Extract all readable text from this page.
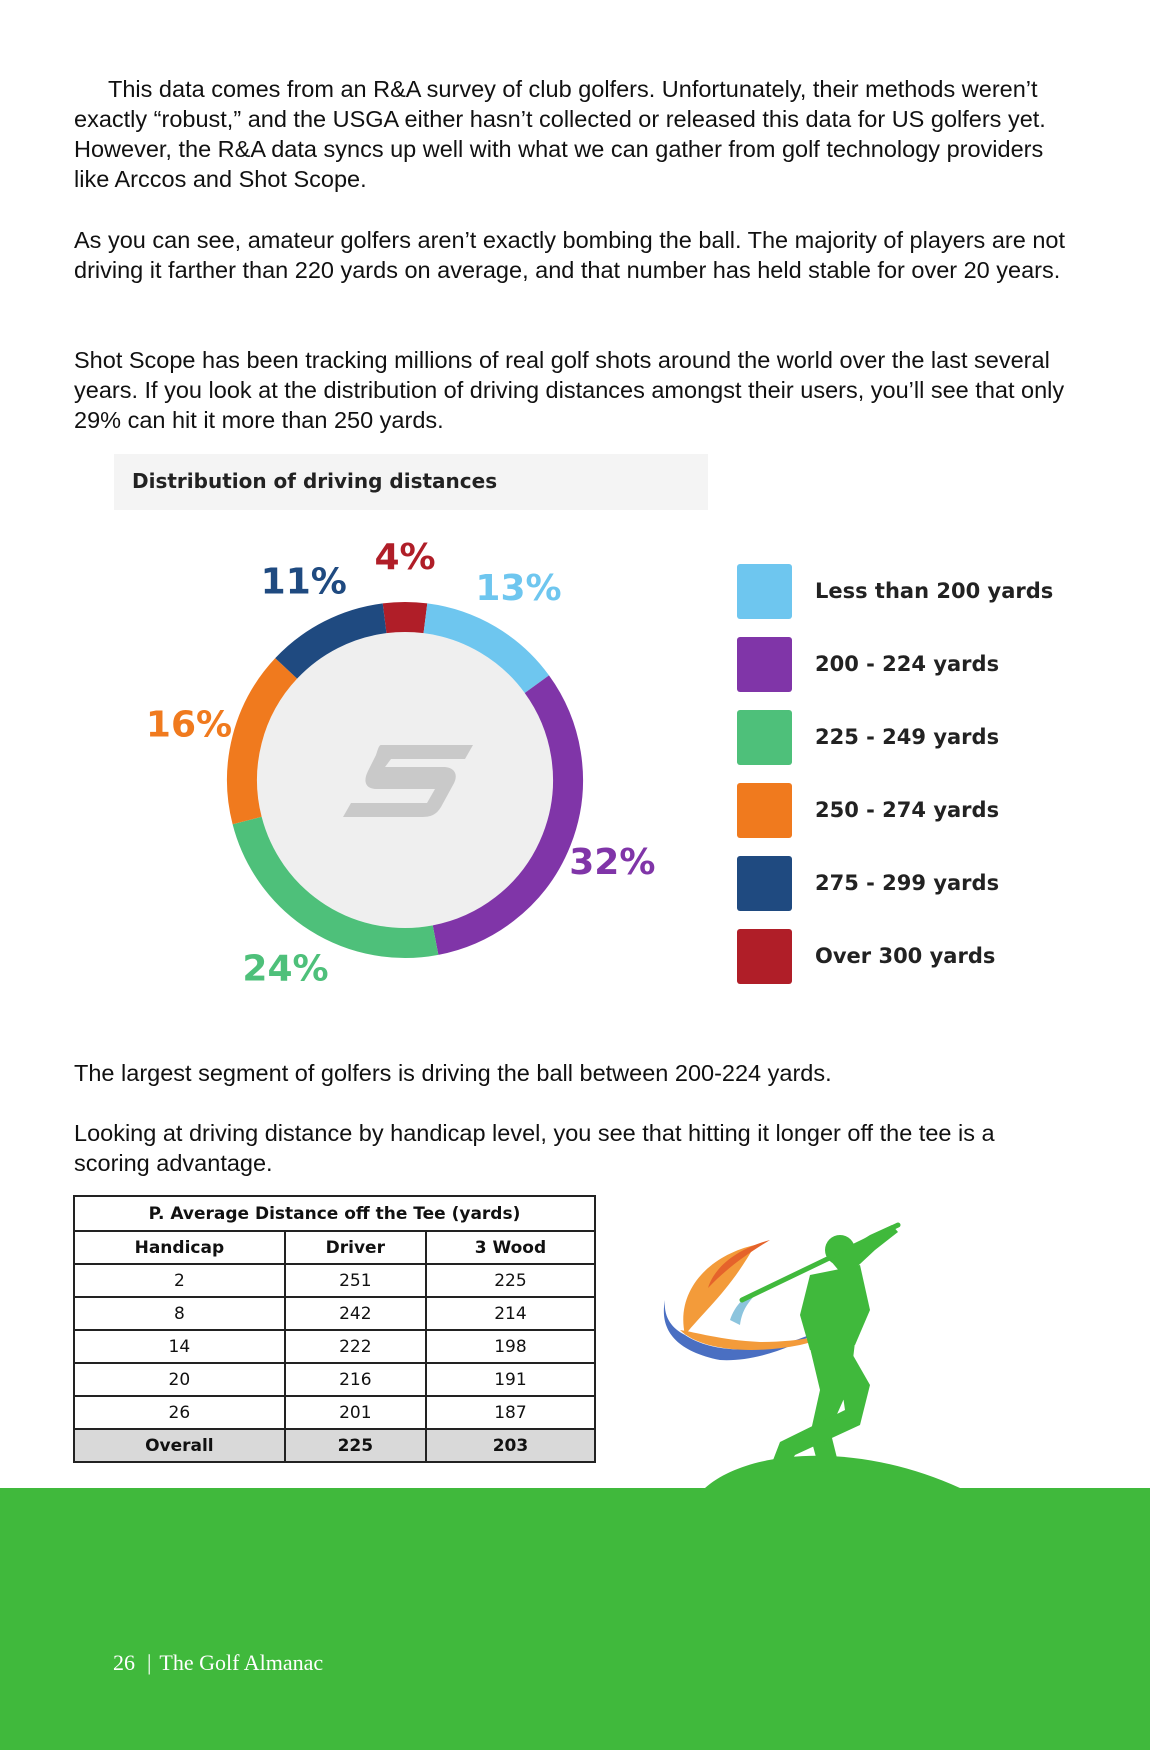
This data comes from an R&A survey of club golfers. Unfortunately, their methods weren’t exactly “robust,” and the USGA either hasn’t collected or released this data for US golfers yet. However, the R&A data syncs up well with what we can gather from golf technology providers like Arccos and Shot Scope.

As you can see, amateur golfers aren’t exactly bombing the ball. The majority of players are not driving it farther than 220 yards on average, and that number has held stable for over 20 years.

Shot Scope has been tracking millions of real golf shots around the world over the last several years. If you look at the distribution of driving distances amongst their users, you’ll see that only 29% can hit it more than 250 yards.

Distribution of driving distances
4%
13%
32%
24%
16%
11%	Less than 200 yards
200 - 224 yards
225 - 249 yards
250 - 274 yards
275 - 299 yards
Over 300 yards

The largest segment of golfers is driving the ball between 200-224 yards.

Looking at driving distance by handicap level, you see that hitting it longer off the tee is a scoring advantage.

P. Average Distance off the Tee (yards)		
Handicap	Driver	3 Wood
2	251	225
8	242	214
14	222	198
20	216	191
26	201	187
Overall	225	203
26 | The Golf Almanac
